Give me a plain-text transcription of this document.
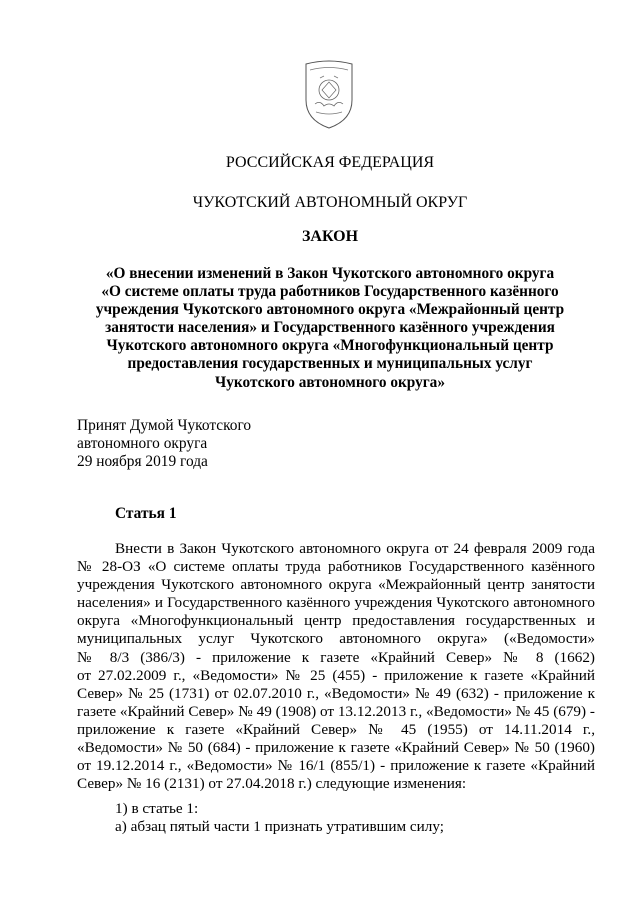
РОССИЙСКАЯ ФЕДЕРАЦИЯ
ЧУКОТСКИЙ АВТОНОМНЫЙ ОКРУГ
ЗАКОН
«О внесении изменений в Закон Чукотского автономного округа
«О системе оплаты труда работников Государственного казённого
учреждения Чукотского автономного округа «Межрайонный центр
занятости населения» и Государственного казённого учреждения
Чукотского автономного округа «Многофункциональный центр
предоставления государственных и муниципальных услуг
Чукотского автономного округа»
Принят Думой Чукотского
автономного округа
29 ноября 2019 года
Статья 1
Внести в Закон Чукотского автономного округа от 24 февраля 2009 года
№ 28-ОЗ «О системе оплаты труда работников Государственного казённого
учреждения Чукотского автономного округа «Межрайонный центр занятости
населения» и Государственного казённого учреждения Чукотского автономного
округа «Многофункциональный центр предоставления государственных и
муниципальных услуг Чукотского автономного округа» («Ведомости»
№ 8/3 (386/3) - приложение к газете «Крайний Север» № 8 (1662)
от 27.02.2009 г., «Ведомости» № 25 (455) - приложение к газете «Крайний
Север» № 25 (1731) от 02.07.2010 г., «Ведомости» № 49 (632) - приложение к
газете «Крайний Север» № 49 (1908) от 13.12.2013 г., «Ведомости» № 45 (679) -
приложение к газете «Крайний Север» № 45 (1955) от 14.11.2014 г.,
«Ведомости» № 50 (684) - приложение к газете «Крайний Север» № 50 (1960)
от 19.12.2014 г., «Ведомости» № 16/1 (855/1) - приложение к газете «Крайний
Север» № 16 (2131) от 27.04.2018 г.) следующие изменения:
1) в статье 1:
а) абзац пятый части 1 признать утратившим силу;
